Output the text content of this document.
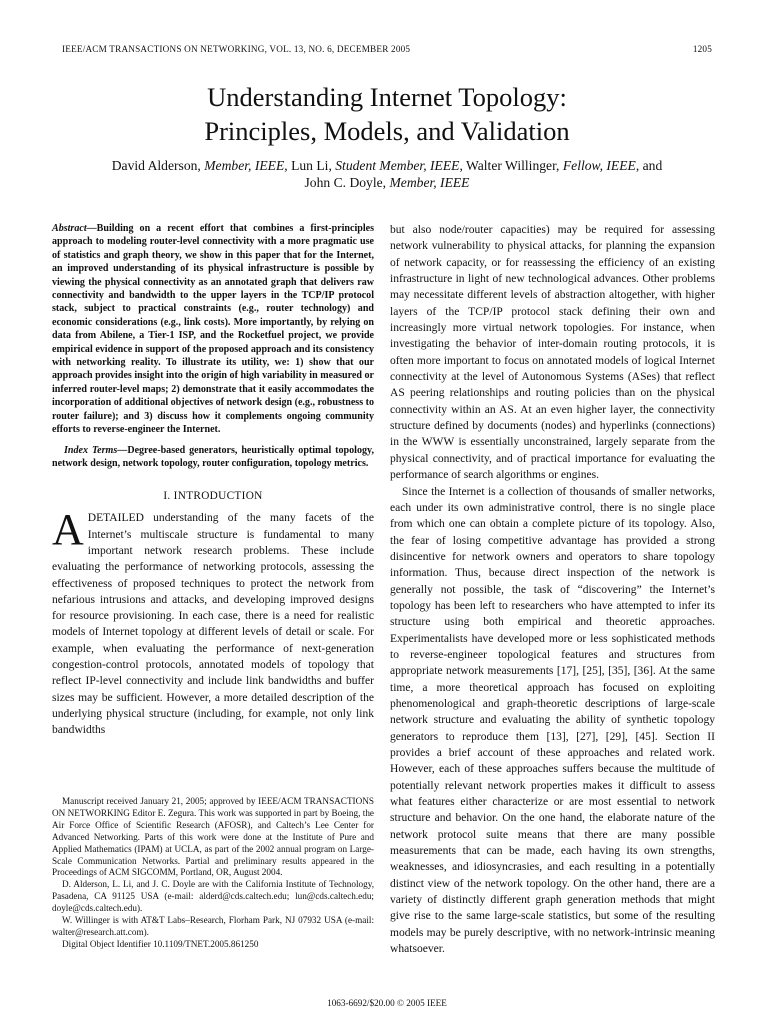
IEEE/ACM TRANSACTIONS ON NETWORKING, VOL. 13, NO. 6, DECEMBER 2005	1205
Understanding Internet Topology:
Principles, Models, and Validation
David Alderson, Member, IEEE, Lun Li, Student Member, IEEE, Walter Willinger, Fellow, IEEE, and
John C. Doyle, Member, IEEE

Abstract—Building on a recent effort that combines a first-principles approach to modeling router-level connectivity with a more pragmatic use of statistics and graph theory, we show in this paper that for the Internet, an improved understanding of its physical infrastructure is possible by viewing the physical connectivity as an annotated graph that delivers raw connectivity and bandwidth to the upper layers in the TCP/IP protocol stack, subject to practical constraints (e.g., router technology) and economic considerations (e.g., link costs). More importantly, by relying on data from Abilene, a Tier-1 ISP, and the Rocketfuel project, we provide empirical evidence in support of the proposed approach and its consistency with networking reality. To illustrate its utility, we: 1) show that our approach provides insight into the origin of high variability in measured or inferred router-level maps; 2) demonstrate that it easily accommodates the incorporation of additional objectives of network design (e.g., robustness to router failure); and 3) discuss how it complements ongoing community efforts to reverse-engineer the Internet.

Index Terms—Degree-based generators, heuristically optimal topology, network design, network topology, router configuration, topology metrics.

I. INTRODUCTION

ADETAILED understanding of the many facets of the Internet’s multiscale structure is fundamental to many important network research problems. These include evaluating the performance of networking protocols, assessing the effectiveness of proposed techniques to protect the network from nefarious intrusions and attacks, and developing improved designs for resource provisioning. In each case, there is a need for realistic models of Internet topology at different levels of detail or scale. For example, when evaluating the performance of next-generation congestion-control protocols, annotated models of topology that reflect IP-level connectivity and include link bandwidths and buffer sizes may be sufficient. However, a more detailed description of the underlying physical structure (including, for example, not only link bandwidths

Manuscript received January 21, 2005; approved by IEEE/ACM TRANSACTIONS ON NETWORKING Editor E. Zegura. This work was supported in part by Boeing, the Air Force Office of Scientific Research (AFOSR), and Caltech’s Lee Center for Advanced Networking. Parts of this work were done at the Institute of Pure and Applied Mathematics (IPAM) at UCLA, as part of the 2002 annual program on Large-Scale Communication Networks. Partial and preliminary results appeared in the Proceedings of ACM SIGCOMM, Portland, OR, August 2004.

D. Alderson, L. Li, and J. C. Doyle are with the California Institute of Technology, Pasadena, CA 91125 USA (e-mail: alderd@cds.caltech.edu; lun@cds.caltech.edu; doyle@cds.caltech.edu).

W. Willinger is with AT&T Labs–Research, Florham Park, NJ 07932 USA (e-mail: walter@research.att.com).

Digital Object Identifier 10.1109/TNET.2005.861250

but also node/router capacities) may be required for assessing network vulnerability to physical attacks, for planning the expansion of network capacity, or for reassessing the efficiency of an existing infrastructure in light of new technological advances. Other problems may necessitate different levels of abstraction altogether, with higher layers of the TCP/IP protocol stack defining their own and increasingly more virtual network topologies. For instance, when investigating the behavior of inter-domain routing protocols, it is often more important to focus on annotated models of logical Internet connectivity at the level of Autonomous Systems (ASes) that reflect AS peering relationships and routing policies than on the physical connectivity within an AS. At an even higher layer, the connectivity structure defined by documents (nodes) and hyperlinks (connections) in the WWW is essentially unconstrained, largely separate from the physical connectivity, and of practical importance for evaluating the performance of search algorithms or engines.

Since the Internet is a collection of thousands of smaller networks, each under its own administrative control, there is no single place from which one can obtain a complete picture of its topology. Also, the fear of losing competitive advantage has provided a strong disincentive for network owners and operators to share topology information. Thus, because direct inspection of the network is generally not possible, the task of “discovering” the Internet’s topology has been left to researchers who have attempted to infer its structure using both empirical and theoretic approaches. Experimentalists have developed more or less sophisticated methods to reverse-engineer topological features and structures from appropriate network measurements [17], [25], [35], [36]. At the same time, a more theoretical approach has focused on exploiting phenomenological and graph-theoretic descriptions of large-scale network structure and evaluating the ability of synthetic topology generators to reproduce them [13], [27], [29], [45]. Section II provides a brief account of these approaches and related work. However, each of these approaches suffers because the multitude of potentially relevant network properties makes it difficult to assess what features either characterize or are most essential to network structure and behavior. On the one hand, the elaborate nature of the network protocol suite means that there are many possible measurements that can be made, each having its own strengths, weaknesses, and idiosyncrasies, and each resulting in a potentially distinct view of the network topology. On the other hand, there are a variety of distinctly different graph generation methods that might give rise to the same large-scale statistics, but some of the resulting models may be purely descriptive, with no network-intrinsic meaning whatsoever.

1063-6692/$20.00 © 2005 IEEE
